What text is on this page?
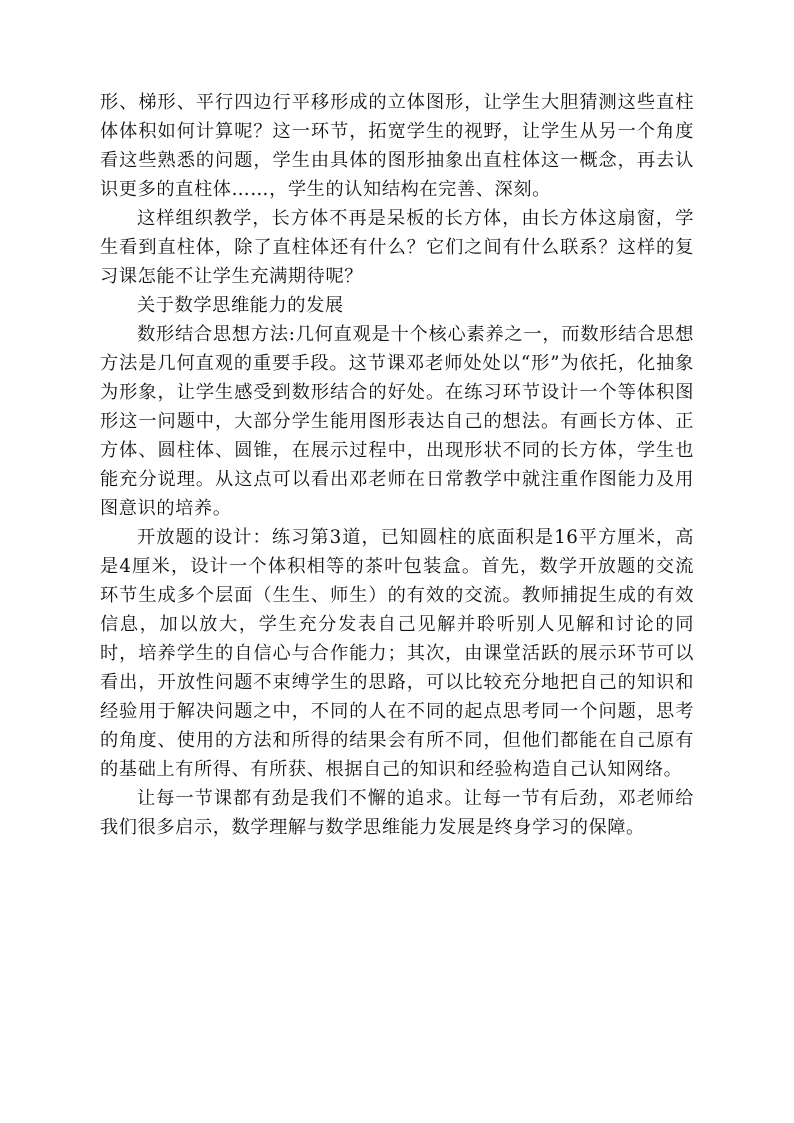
形、梯形、平行四边行平移形成的立体图形，让学生大胆猜测这些直柱体体积如何计算呢？这一环节，拓宽学生的视野，让学生从另一个角度看这些熟悉的问题，学生由具体的图形抽象出直柱体这一概念，再去认识更多的直柱体……，学生的认知结构在完善、深刻。

这样组织教学，长方体不再是呆板的长方体，由长方体这扇窗，学生看到直柱体，除了直柱体还有什么？它们之间有什么联系？这样的复习课怎能不让学生充满期待呢？

关于数学思维能力的发展

数形结合思想方法:几何直观是十个核心素养之一，而数形结合思想方法是几何直观的重要手段。这节课邓老师处处以“形”为依托，化抽象为形象，让学生感受到数形结合的好处。在练习环节设计一个等体积图形这一问题中，大部分学生能用图形表达自己的想法。有画长方体、正方体、圆柱体、圆锥，在展示过程中，出现形状不同的长方体，学生也能充分说理。从这点可以看出邓老师在日常教学中就注重作图能力及用图意识的培养。

开放题的设计：练习第3道，已知圆柱的底面积是16平方厘米，高是4厘米，设计一个体积相等的茶叶包装盒。首先，数学开放题的交流环节生成多个层面（生生、师生）的有效的交流。教师捕捉生成的有效信息，加以放大，学生充分发表自己见解并聆听别人见解和讨论的同时，培养学生的自信心与合作能力；其次，由课堂活跃的展示环节可以看出，开放性问题不束缚学生的思路，可以比较充分地把自己的知识和经验用于解决问题之中，不同的人在不同的起点思考同一个问题，思考的角度、使用的方法和所得的结果会有所不同，但他们都能在自己原有的基础上有所得、有所获、根据自己的知识和经验构造自己认知网络。

让每一节课都有劲是我们不懈的追求。让每一节有后劲，邓老师给我们很多启示，数学理解与数学思维能力发展是终身学习的保障。
